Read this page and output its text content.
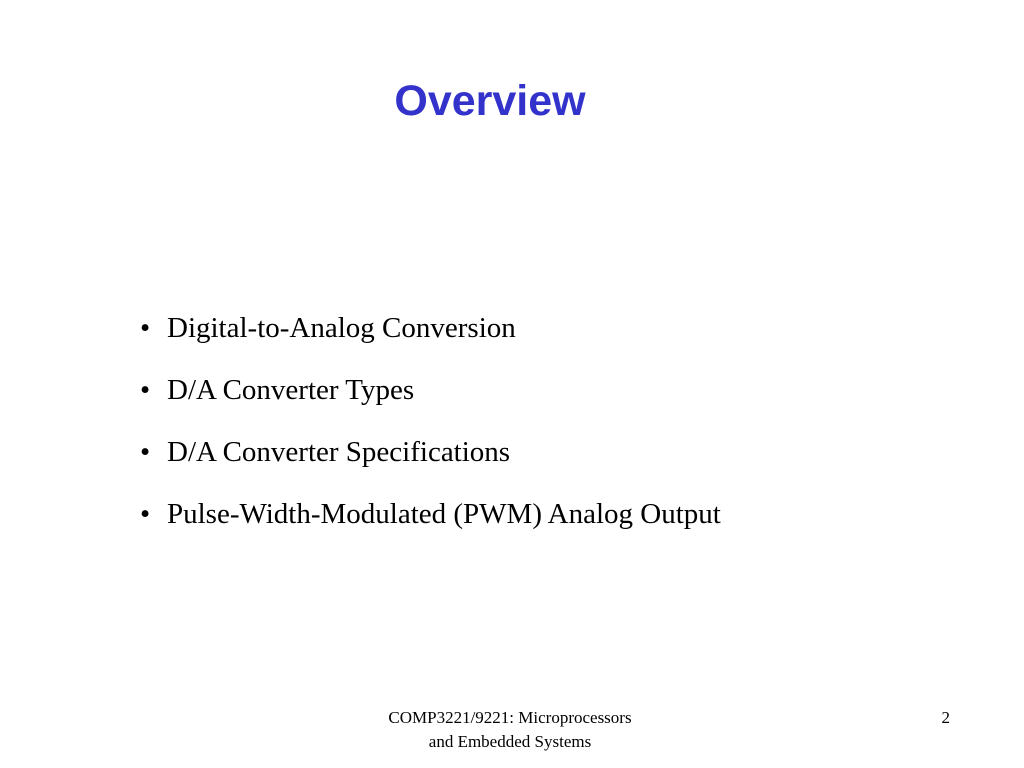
Overview
• Digital-to-Analog Conversion
• D/A Converter Types
• D/A Converter Specifications
• Pulse-Width-Modulated (PWM) Analog Output
COMP3221/9221: Microprocessors
and Embedded Systems
2
